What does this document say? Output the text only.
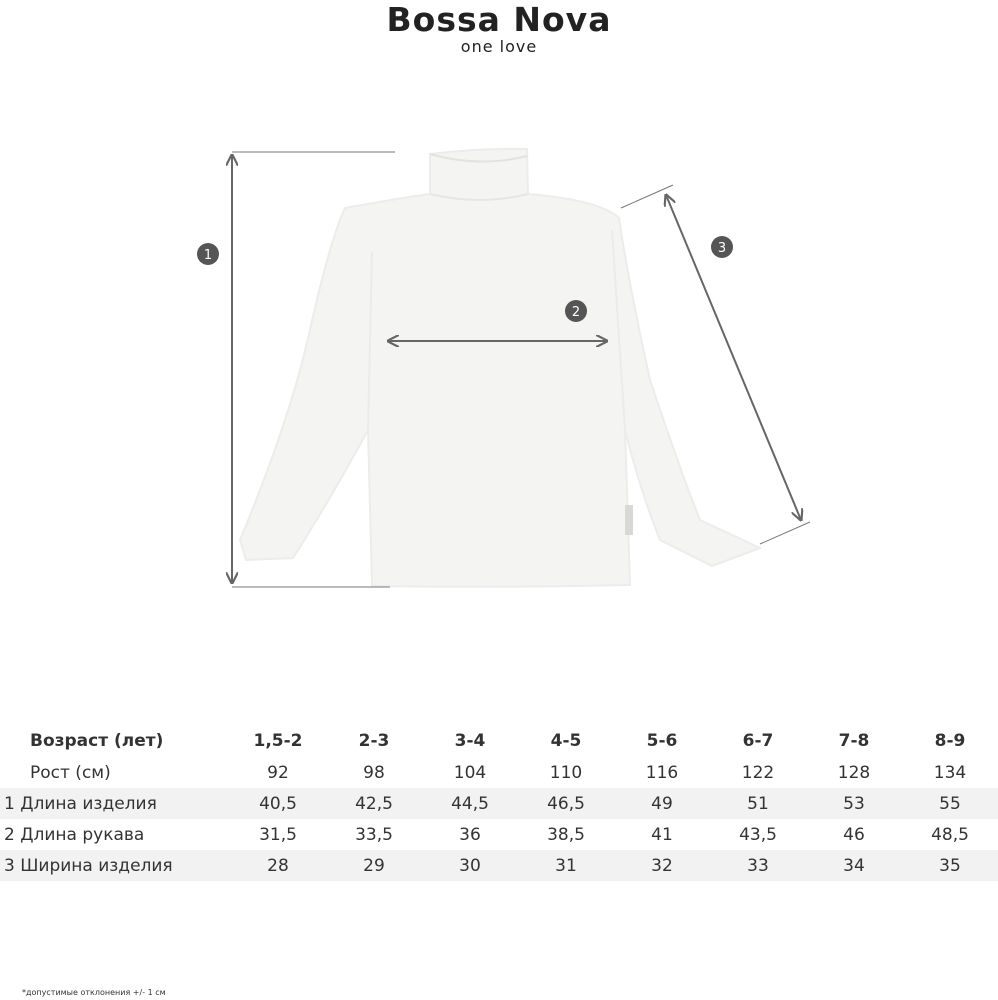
Bossa Nova
one love
1
2
3
Возраст (лет)	1,5-2	2-3	3-4	4-5	5-6	6-7	7-8	8-9
Рост (см)	92	98	104	110	116	122	128	134
1 Длина изделия	40,5	42,5	44,5	46,5	49	51	53	55
2 Длина рукава	31,5	33,5	36	38,5	41	43,5	46	48,5
3 Ширина изделия	28	29	30	31	32	33	34	35
*допустимые отклонения +/- 1 см
